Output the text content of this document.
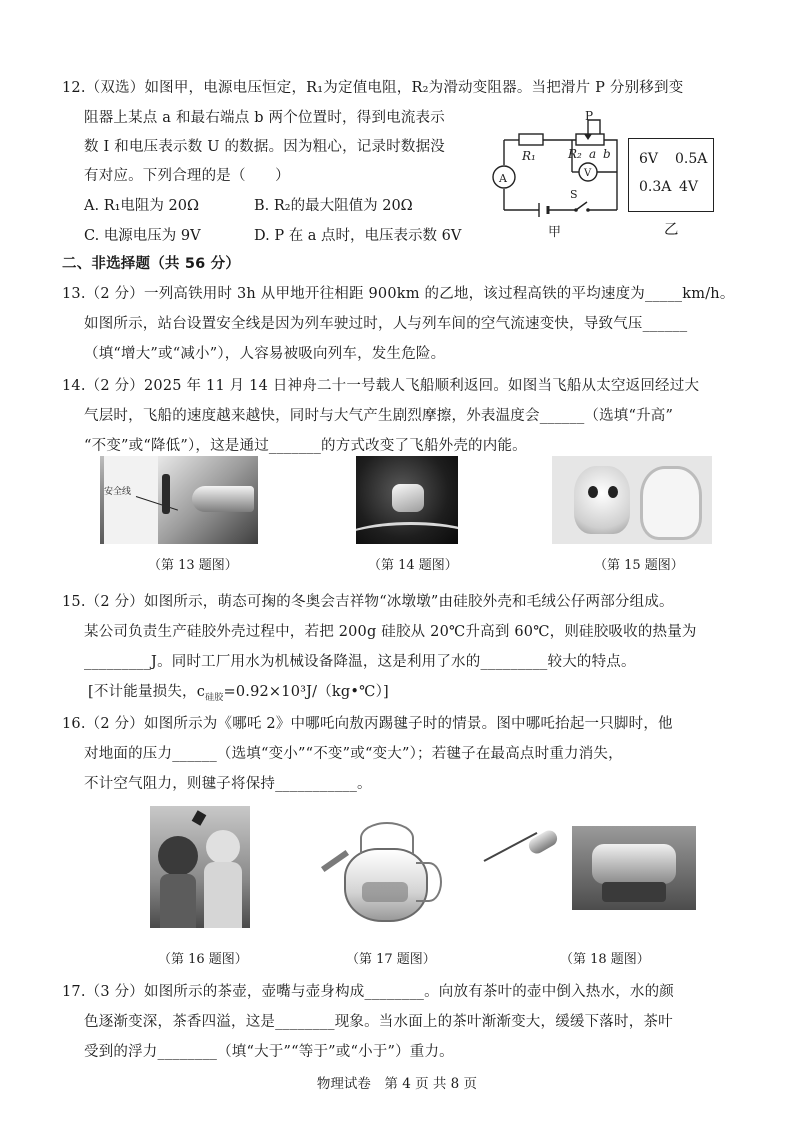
12.（双选）如图甲，电源电压恒定，R₁为定值电阻，R₂为滑动变阻器。当把滑片 P 分别移到变
阻器上某点 a 和最右端点 b 两个位置时，得到电流表示
数 I 和电压表示数 U 的数据。因为粗心，记录时数据没
有对应。下列合理的是（　　）
A. R₁电阻为 20Ω	B. R₂的最大阻值为 20Ω
C. 电源电压为 9V	D. P 在 a 点时，电压表示数 6V
P
R₁	R₂ a b
A	V
S
甲
6V 0.5A
0.3A 4V
乙
二、非选择题（共 56 分）
13.（2 分）一列高铁用时 3h 从甲地开往相距 900km 的乙地，该过程高铁的平均速度为_____km/h。
如图所示，站台设置安全线是因为列车驶过时，人与列车间的空气流速变快，导致气压______
（填“增大”或“减小”），人容易被吸向列车，发生危险。
14.（2 分）2025 年 11 月 14 日神舟二十一号载人飞船顺利返回。如图当飞船从太空返回经过大
气层时，飞船的速度越来越快，同时与大气产生剧烈摩擦，外表温度会______（选填“升高”
“不变”或“降低”），这是通过_______的方式改变了飞船外壳的内能。
安全线
（第 13 题图）	（第 14 题图）	（第 15 题图）
15.（2 分）如图所示，萌态可掬的冬奥会吉祥物“冰墩墩”由硅胶外壳和毛绒公仔两部分组成。
某公司负责生产硅胶外壳过程中，若把 200g 硅胶从 20℃升高到 60℃，则硅胶吸收的热量为
_________J。同时工厂用水为机械设备降温，这是利用了水的_________较大的特点。
[不计能量损失，$c_{硅胶}=0.92\times 10^3J/(kg•℃)$]
16.（2 分）如图所示为《哪吒 2》中哪吒向敖丙踢毽子时的情景。图中哪吒抬起一只脚时，他
对地面的压力______（选填“变小”“不变”或“变大”）；若毽子在最高点时重力消失，
不计空气阻力，则毽子将保持___________。
（第 16 题图）	（第 17 题图）	（第 18 题图）
17.（3 分）如图所示的茶壶，壶嘴与壶身构成________。向放有茶叶的壶中倒入热水，水的颜
色逐渐变深，茶香四溢，这是________现象。当水面上的茶叶渐渐变大，缓缓下落时，茶叶
受到的浮力________（填“大于”“等于”或“小于”）重力。
物理试卷　第 4 页 共 8 页
